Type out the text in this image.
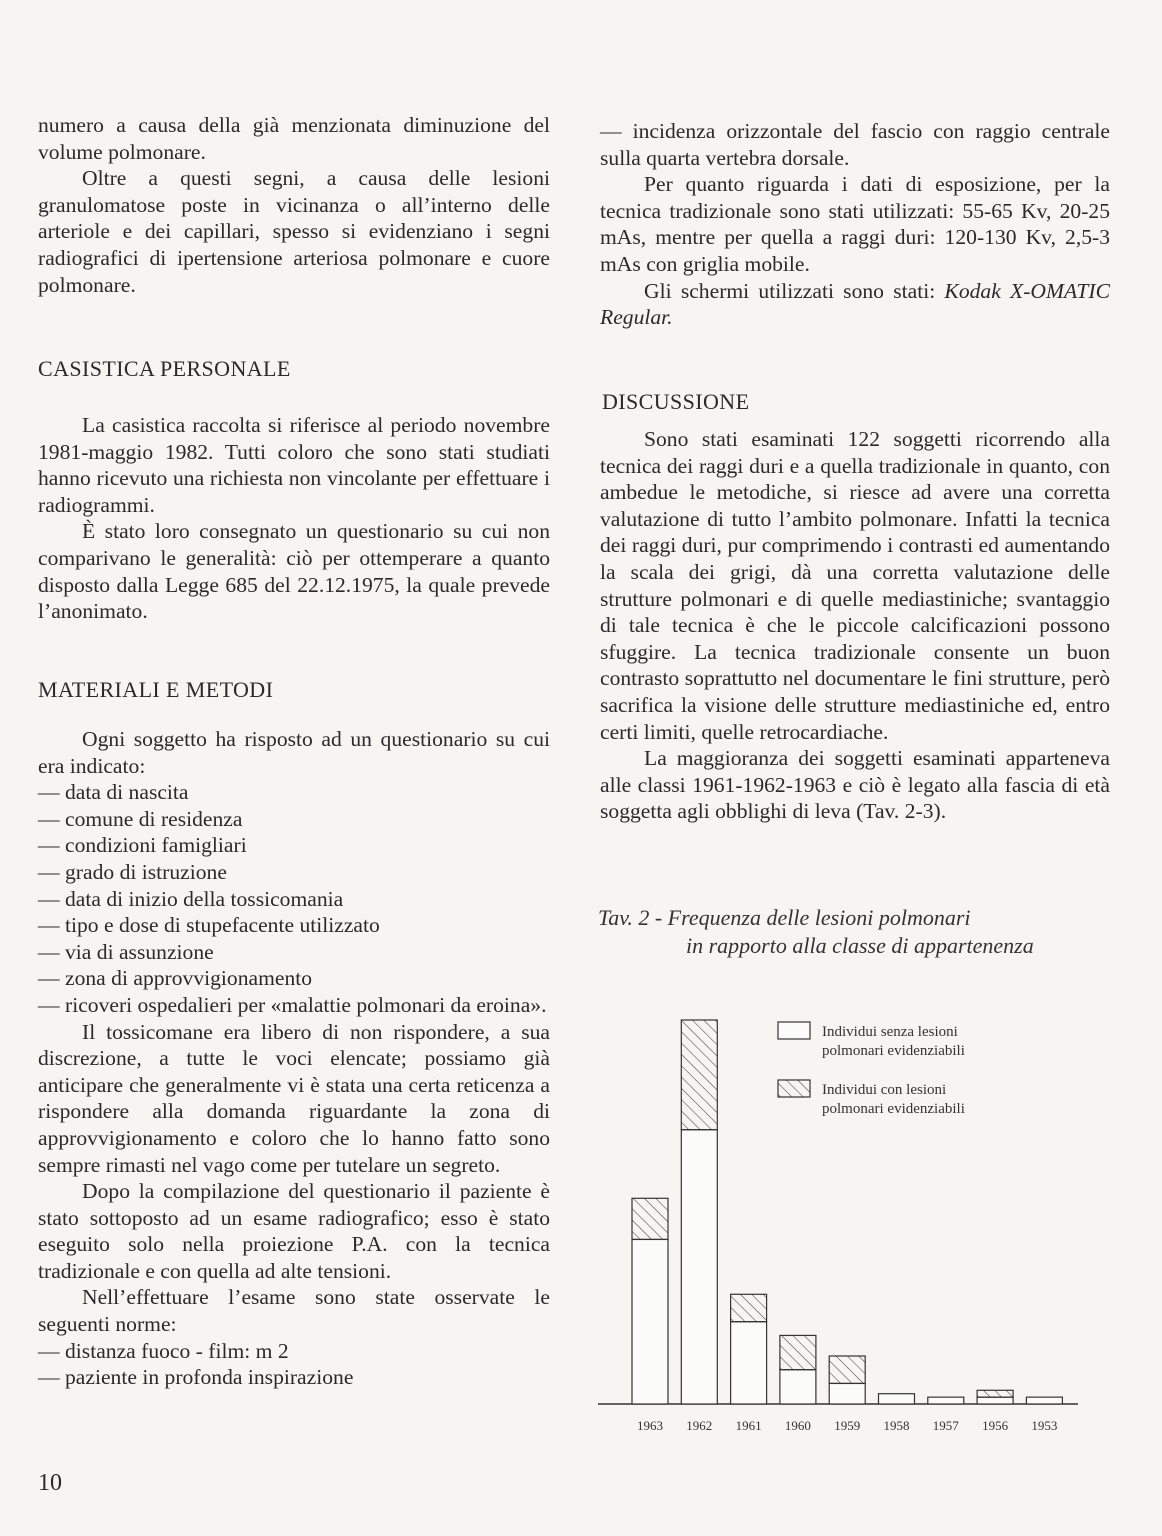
numero a causa della già menzionata diminuzione del volume polmonare.

Oltre a questi segni, a causa delle lesioni granulomatose poste in vicinanza o all’interno delle arteriole e dei capillari, spesso si evidenziano i segni radiografici di ipertensione arteriosa polmonare e cuore polmonare.

CASISTICA PERSONALE

La casistica raccolta si riferisce al periodo novembre 1981-maggio 1982. Tutti coloro che sono stati studiati hanno ricevuto una richiesta non vincolante per effettuare i radiogrammi.

È stato loro consegnato un questionario su cui non comparivano le generalità: ciò per ottemperare a quanto disposto dalla Legge 685 del 22.12.1975, la quale prevede l’anonimato.

MATERIALI E METODI

Ogni soggetto ha risposto ad un questionario su cui era indicato:

— data di nascita

— comune di residenza

— condizioni famigliari

— grado di istruzione

— data di inizio della tossicomania

— tipo e dose di stupefacente utilizzato

— via di assunzione

— zona di approvvigionamento

— ricoveri ospedalieri per «malattie polmonari da eroina».

Il tossicomane era libero di non rispondere, a sua discrezione, a tutte le voci elencate; possiamo già anticipare che generalmente vi è stata una certa reticenza a rispondere alla domanda riguardante la zona di approvvigionamento e coloro che lo hanno fatto sono sempre rimasti nel vago come per tutelare un segreto.

Dopo la compilazione del questionario il paziente è stato sottoposto ad un esame radiografico; esso è stato eseguito solo nella proiezione P.A. con la tecnica tradizionale e con quella ad alte tensioni.

Nell’effettuare l’esame sono state osservate le seguenti norme:

— distanza fuoco - film: m 2

— paziente in profonda inspirazione

10

— incidenza orizzontale del fascio con raggio centrale sulla quarta vertebra dorsale.

Per quanto riguarda i dati di esposizione, per la tecnica tradizionale sono stati utilizzati: 55-65 Kv, 20-25 mAs, mentre per quella a raggi duri: 120-130 Kv, 2,5-3 mAs con griglia mobile.

Gli schermi utilizzati sono stati: Kodak X-OMATIC Regular.

DISCUSSIONE

Sono stati esaminati 122 soggetti ricorrendo alla tecnica dei raggi duri e a quella tradizionale in quanto, con ambedue le metodiche, si riesce ad avere una corretta valutazione di tutto l’ambito polmonare. Infatti la tecnica dei raggi duri, pur comprimendo i contrasti ed aumentando la scala dei grigi, dà una corretta valutazione delle strutture polmonari e di quelle mediastiniche; svantaggio di tale tecnica è che le piccole calcificazioni possono sfuggire. La tecnica tradizionale consente un buon contrasto soprattutto nel documentare le fini strutture, però sacrifica la visione delle strutture mediastiniche ed, entro certi limiti, quelle retrocardiache.

La maggioranza dei soggetti esaminati apparteneva alle classi 1961-1962-1963 e ciò è legato alla fascia di età soggetta agli obblighi di leva (Tav. 2-3).

Tav. 2 - Frequenza delle lesioni polmonari
in rapporto alla classe di appartenenza
1963 1962 1961 1960 1959 1958 1957 1956 1953
Individui senza lesioni
polmonari evidenziabili
Individui con lesioni
polmonari evidenziabili
